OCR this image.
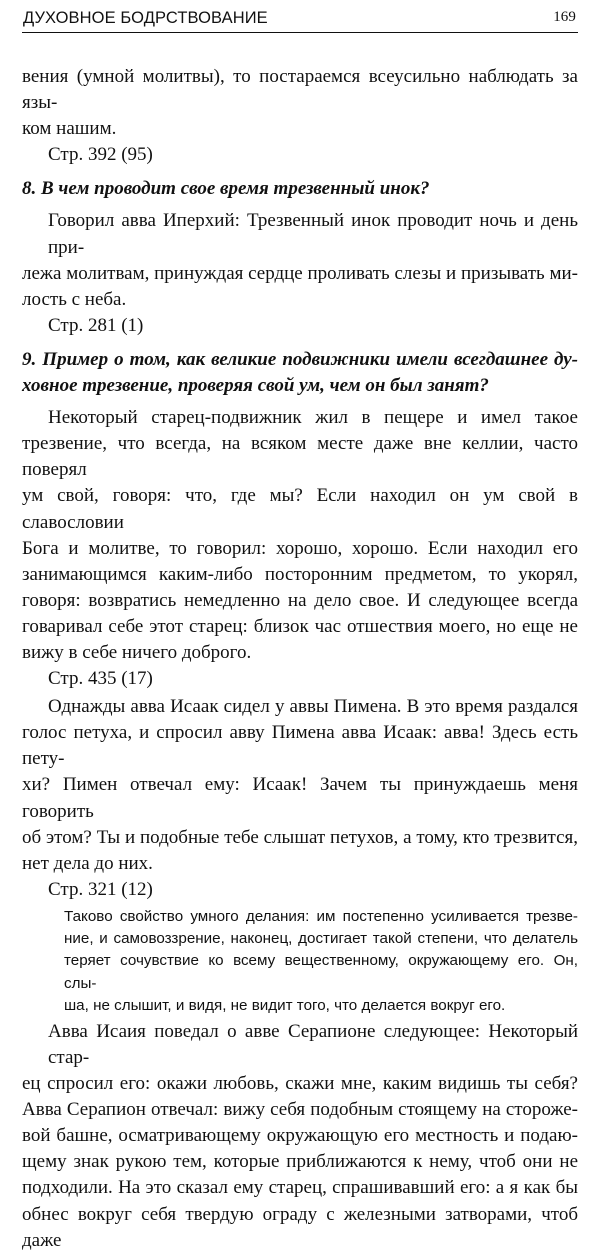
ДУХОВНОЕ БОДРСТВОВАНИЕ	169

вения (умной молитвы), то постараемся всеусильно наблюдать за язы-
ком нашим.

Стр. 392 (95)

8. В чем проводит свое время трезвенный инок?

Говорил авва Иперхий: Трезвенный инок проводит ночь и день при-
лежа молитвам, принуждая сердце проливать слезы и призывать ми-
лость с неба.

Стр. 281 (1)

9. Пример о том, как великие подвижники имели всегдашнее ду-
ховное трезвение, проверяя свой ум, чем он был занят?

Некоторый старец-подвижник жил в пещере и имел такое
трезвение, что всегда, на всяком месте даже вне келлии, часто поверял
ум свой, говоря: что, где мы? Если находил он ум свой в славословии
Бога и молитве, то говорил: хорошо, хорошо. Если находил его
занимающимся каким-либо посторонним предметом, то укорял,
говоря: возвратись немедленно на дело свое. И следующее всегда
говаривал себе этот старец: близок час отшествия моего, но еще не
вижу в себе ничего доброго.

Стр. 435 (17)

Однажды авва Исаак сидел у аввы Пимена. В это время раздался
голос петуха, и спросил авву Пимена авва Исаак: авва! Здесь есть пету-
хи? Пимен отвечал ему: Исаак! Зачем ты принуждаешь меня говорить
об этом? Ты и подобные тебе слышат петухов, а тому, кто трезвится,
нет дела до них.

Стр. 321 (12)

Таково свойство умного делания: им постепенно усиливается трезве-
ние, и самовоззрение, наконец, достигает такой степени, что делатель
теряет сочувствие ко всему вещественному, окружающему его. Он, слы-
ша, не слышит, и видя, не видит того, что делается вокруг его.

Авва Исаия поведал о авве Серапионе следующее: Некоторый стар-
ец спросил его: окажи любовь, скажи мне, каким видишь ты себя?
Авва Серапион отвечал: вижу себя подобным стоящему на стороже-
вой башне, осматривающему окружающую его местность и подаю-
щему знак рукою тем, которые приближаются к нему, чтоб они не
подходили. На это сказал ему старец, спрашивавший его: а я как бы
обнес вокруг себя твердую ограду с железными затворами, чтоб даже
